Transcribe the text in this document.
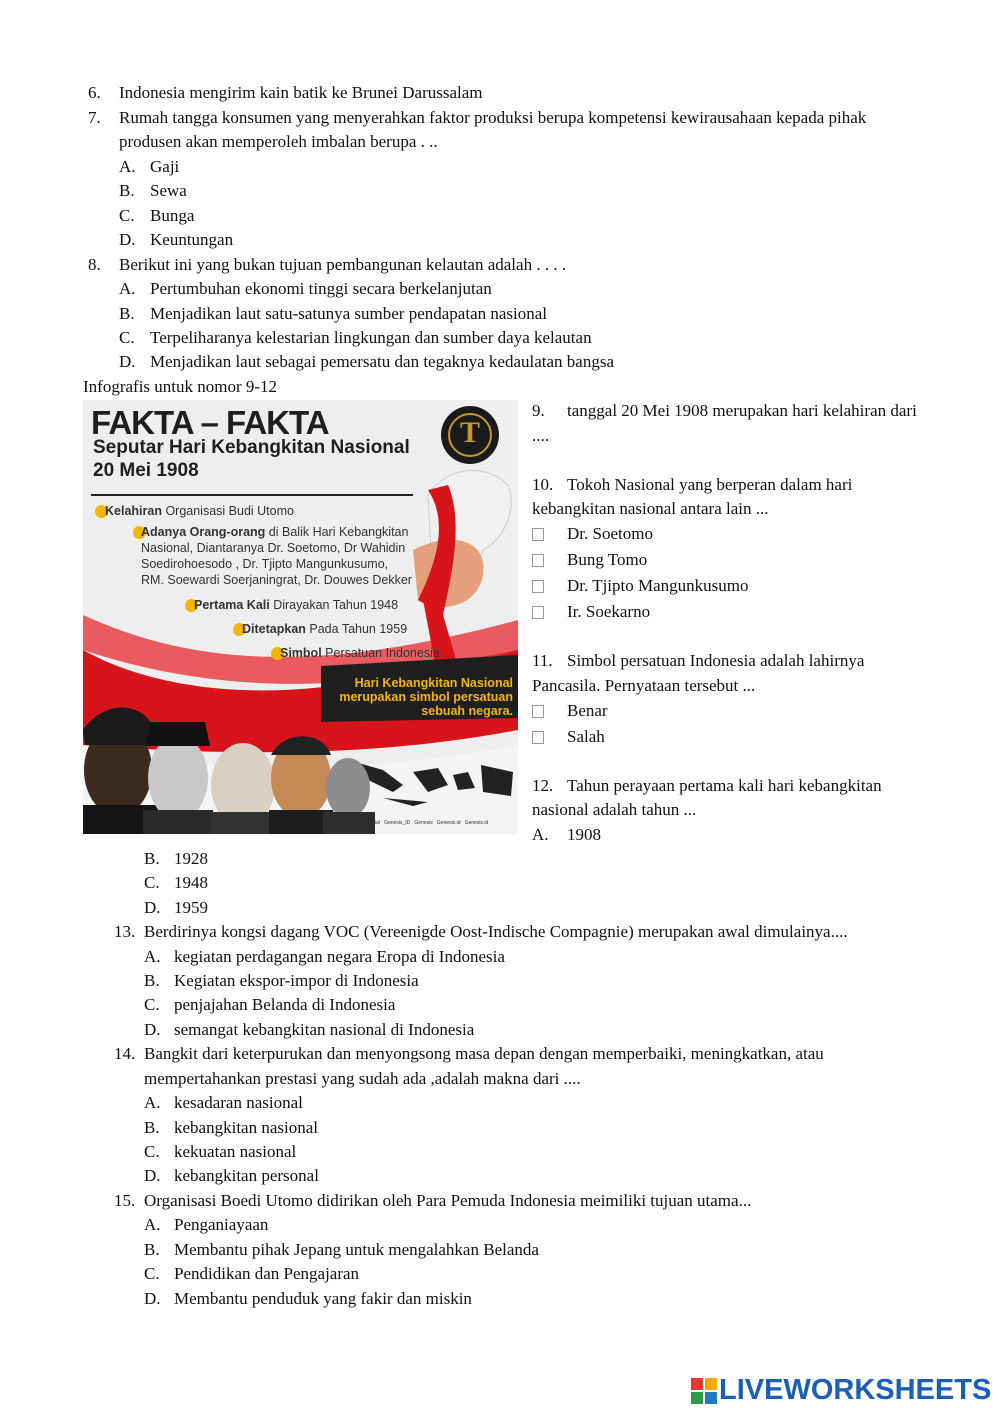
6. Indonesia mengirim kain batik ke Brunei Darussalam
7. Rumah tangga konsumen yang menyerahkan faktor produksi berupa kompetensi kewirausahaan kepada pihak
produsen akan memperoleh imbalan berupa . ..
A. Gaji
B. Sewa
C. Bunga
D. Keuntungan
8. Berikut ini yang bukan tujuan pembangunan kelautan adalah . . . .
A. Pertumbuhan ekonomi tinggi secara berkelanjutan
B. Menjadikan laut satu-satunya sumber pendapatan nasional
C. Terpeliharanya kelestarian lingkungan dan sumber daya kelautan
D. Menjadikan laut sebagai pemersatu dan tegaknya kedaulatan bangsa
Infografis untuk nomor 9-12
FAKTA – FAKTA
Seputar Hari Kebangkitan Nasional
20 Mei 1908
T
Kelahiran Organisasi Budi Utomo
Adanya Orang-orang di Balik Hari Kebangkitan
Nasional, Diantaranya Dr. Soetomo, Dr Wahidin
Soedirohoesodo , Dr. Tjipto Mangunkusumo,
RM. Soewardi Soerjaningrat, Dr. Douwes Dekker
Pertama Kali Dirayakan Tahun 1948
Ditetapkan Pada Tahun 1959
Simbol Persatuan Indonesia
Hari Kebangkitan Nasional
merupakan simbol persatuan
sebuah negara.
Genesis Official Genesis_ID Genesis Genesis.id Genesis.id
9. tanggal 20 Mei 1908 merupakan hari kelahiran dari
....
10. Tokoh Nasional yang berperan dalam hari
kebangkitan nasional antara lain ...
Dr. Soetomo
Bung Tomo
Dr. Tjipto Mangunkusumo
Ir. Soekarno
11. Simbol persatuan Indonesia adalah lahirnya
Pancasila. Pernyataan tersebut ...
Benar
Salah
12. Tahun perayaan pertama kali hari kebangkitan
nasional adalah tahun ...
A. 1908
B. 1928
C. 1948
D. 1959
13. Berdirinya kongsi dagang VOC (Vereenigde Oost-Indische Compagnie) merupakan awal dimulainya....
A. kegiatan perdagangan negara Eropa di Indonesia
B. Kegiatan ekspor-impor di Indonesia
C. penjajahan Belanda di Indonesia
D. semangat kebangkitan nasional di Indonesia
14. Bangkit dari keterpurukan dan menyongsong masa depan dengan memperbaiki, meningkatkan, atau
mempertahankan prestasi yang sudah ada ,adalah makna dari ....
A. kesadaran nasional
B. kebangkitan nasional
C. kekuatan nasional
D. kebangkitan personal
15. Organisasi Boedi Utomo didirikan oleh Para Pemuda Indonesia meimiliki tujuan utama...
A. Penganiayaan
B. Membantu pihak Jepang untuk mengalahkan Belanda
C. Pendidikan dan Pengajaran
D. Membantu penduduk yang fakir dan miskin
LIVEWORKSHEETS
